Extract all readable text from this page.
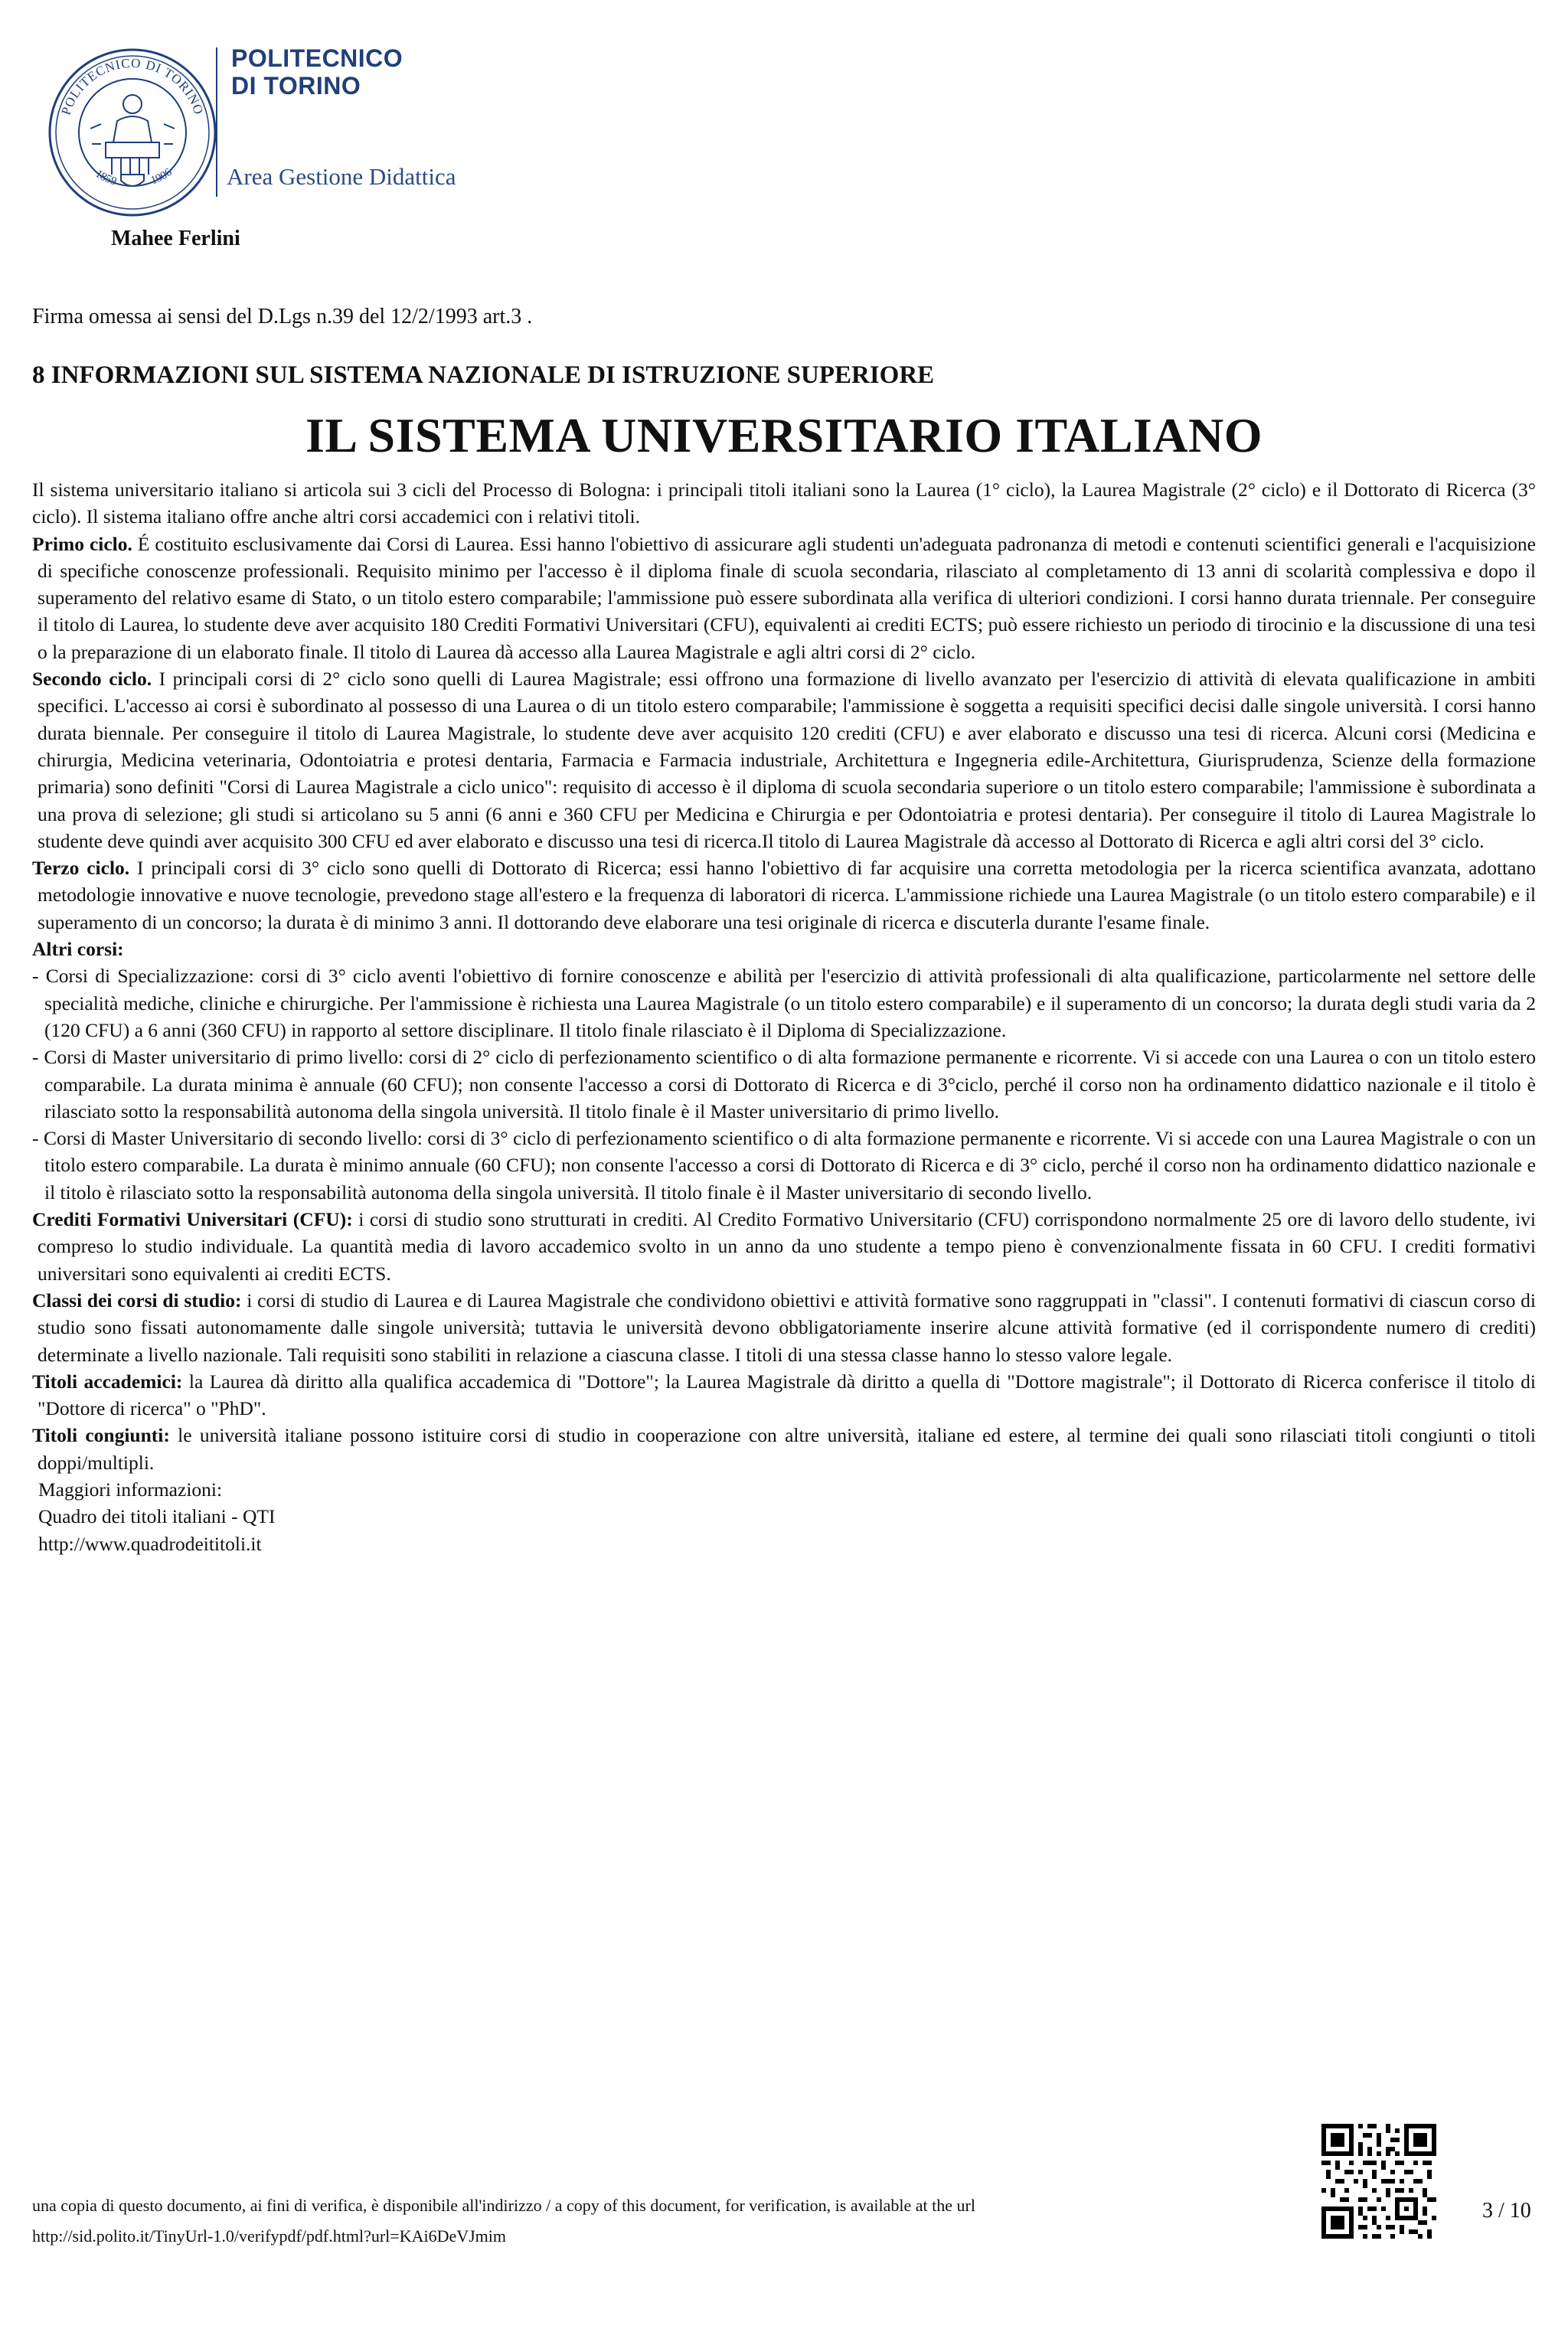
POLITECNICO DI TORINO
1859	1906
POLITECNICO
DI TORINO
Area Gestione Didattica
Mahee Ferlini
Firma omessa ai sensi del D.Lgs n.39 del 12/2/1993 art.3 .
8 INFORMAZIONI SUL SISTEMA NAZIONALE DI ISTRUZIONE SUPERIORE
IL SISTEMA UNIVERSITARIO ITALIANO

Il sistema universitario italiano si articola sui 3 cicli del Processo di Bologna: i principali titoli italiani sono la Laurea (1° ciclo), la Laurea Magistrale (2° ciclo) e il Dottorato di Ricerca (3° ciclo). Il sistema italiano offre anche altri corsi accademici con i relativi titoli.

Primo ciclo. É costituito esclusivamente dai Corsi di Laurea. Essi hanno l'obiettivo di assicurare agli studenti un'adeguata padronanza di metodi e contenuti scientifici generali e l'acquisizione di specifiche conoscenze professionali. Requisito minimo per l'accesso è il diploma finale di scuola secondaria, rilasciato al completamento di 13 anni di scolarità complessiva e dopo il superamento del relativo esame di Stato, o un titolo estero comparabile; l'ammissione può essere subordinata alla verifica di ulteriori condizioni. I corsi hanno durata triennale. Per conseguire il titolo di Laurea, lo studente deve aver acquisito 180 Crediti Formativi Universitari (CFU), equivalenti ai crediti ECTS; può essere richiesto un periodo di tirocinio e la discussione di una tesi o la preparazione di un elaborato finale. Il titolo di Laurea dà accesso alla Laurea Magistrale e agli altri corsi di 2° ciclo.

Secondo ciclo. I principali corsi di 2° ciclo sono quelli di Laurea Magistrale; essi offrono una formazione di livello avanzato per l'esercizio di attività di elevata qualificazione in ambiti specifici. L'accesso ai corsi è subordinato al possesso di una Laurea o di un titolo estero comparabile; l'ammissione è soggetta a requisiti specifici decisi dalle singole università. I corsi hanno durata biennale. Per conseguire il titolo di Laurea Magistrale, lo studente deve aver acquisito 120 crediti (CFU) e aver elaborato e discusso una tesi di ricerca. Alcuni corsi (Medicina e chirurgia, Medicina veterinaria, Odontoiatria e protesi dentaria, Farmacia e Farmacia industriale, Architettura e Ingegneria edile-Architettura, Giurisprudenza, Scienze della formazione primaria) sono definiti "Corsi di Laurea Magistrale a ciclo unico": requisito di accesso è il diploma di scuola secondaria superiore o un titolo estero comparabile; l'ammissione è subordinata a una prova di selezione; gli studi si articolano su 5 anni (6 anni e 360 CFU per Medicina e Chirurgia e per Odontoiatria e protesi dentaria). Per conseguire il titolo di Laurea Magistrale lo studente deve quindi aver acquisito 300 CFU ed aver elaborato e discusso una tesi di ricerca.Il titolo di Laurea Magistrale dà accesso al Dottorato di Ricerca e agli altri corsi del 3° ciclo.

Terzo ciclo. I principali corsi di 3° ciclo sono quelli di Dottorato di Ricerca; essi hanno l'obiettivo di far acquisire una corretta metodologia per la ricerca scientifica avanzata, adottano metodologie innovative e nuove tecnologie, prevedono stage all'estero e la frequenza di laboratori di ricerca. L'ammissione richiede una Laurea Magistrale (o un titolo estero comparabile) e il superamento di un concorso; la durata è di minimo 3 anni. Il dottorando deve elaborare una tesi originale di ricerca e discuterla durante l'esame finale.

Altri corsi:

- Corsi di Specializzazione: corsi di 3° ciclo aventi l'obiettivo di fornire conoscenze e abilità per l'esercizio di attività professionali di alta qualificazione, particolarmente nel settore delle specialità mediche, cliniche e chirurgiche. Per l'ammissione è richiesta una Laurea Magistrale (o un titolo estero comparabile) e il superamento di un concorso; la durata degli studi varia da 2 (120 CFU) a 6 anni (360 CFU) in rapporto al settore disciplinare. Il titolo finale rilasciato è il Diploma di Specializzazione.

- Corsi di Master universitario di primo livello: corsi di 2° ciclo di perfezionamento scientifico o di alta formazione permanente e ricorrente. Vi si accede con una Laurea o con un titolo estero comparabile. La durata minima è annuale (60 CFU); non consente l'accesso a corsi di Dottorato di Ricerca e di 3°ciclo, perché il corso non ha ordinamento didattico nazionale e il titolo è rilasciato sotto la responsabilità autonoma della singola università. Il titolo finale è il Master universitario di primo livello.

- Corsi di Master Universitario di secondo livello: corsi di 3° ciclo di perfezionamento scientifico o di alta formazione permanente e ricorrente. Vi si accede con una Laurea Magistrale o con un titolo estero comparabile. La durata è minimo annuale (60 CFU); non consente l'accesso a corsi di Dottorato di Ricerca e di 3° ciclo, perché il corso non ha ordinamento didattico nazionale e il titolo è rilasciato sotto la responsabilità autonoma della singola università. Il titolo finale è il Master universitario di secondo livello.

Crediti Formativi Universitari (CFU): i corsi di studio sono strutturati in crediti. Al Credito Formativo Universitario (CFU) corrispondono normalmente 25 ore di lavoro dello studente, ivi compreso lo studio individuale. La quantità media di lavoro accademico svolto in un anno da uno studente a tempo pieno è convenzionalmente fissata in 60 CFU. I crediti formativi universitari sono equivalenti ai crediti ECTS.

Classi dei corsi di studio: i corsi di studio di Laurea e di Laurea Magistrale che condividono obiettivi e attività formative sono raggruppati in "classi". I contenuti formativi di ciascun corso di studio sono fissati autonomamente dalle singole università; tuttavia le università devono obbligatoriamente inserire alcune attività formative (ed il corrispondente numero di crediti) determinate a livello nazionale. Tali requisiti sono stabiliti in relazione a ciascuna classe. I titoli di una stessa classe hanno lo stesso valore legale.

Titoli accademici: la Laurea dà diritto alla qualifica accademica di "Dottore"; la Laurea Magistrale dà diritto a quella di "Dottore magistrale"; il Dottorato di Ricerca conferisce il titolo di "Dottore di ricerca" o "PhD".

Titoli congiunti: le università italiane possono istituire corsi di studio in cooperazione con altre università, italiane ed estere, al termine dei quali sono rilasciati titoli congiunti o titoli doppi/multipli.

Maggiori informazioni:

Quadro dei titoli italiani - QTI

http://www.quadrodeititoli.it

una copia di questo documento, ai fini di verifica, è disponibile all'indirizzo / a copy of this document, for verification, is available at the url
http://sid.polito.it/TinyUrl-1.0/verifypdf/pdf.html?url=KAi6DeVJmim
3 / 10
